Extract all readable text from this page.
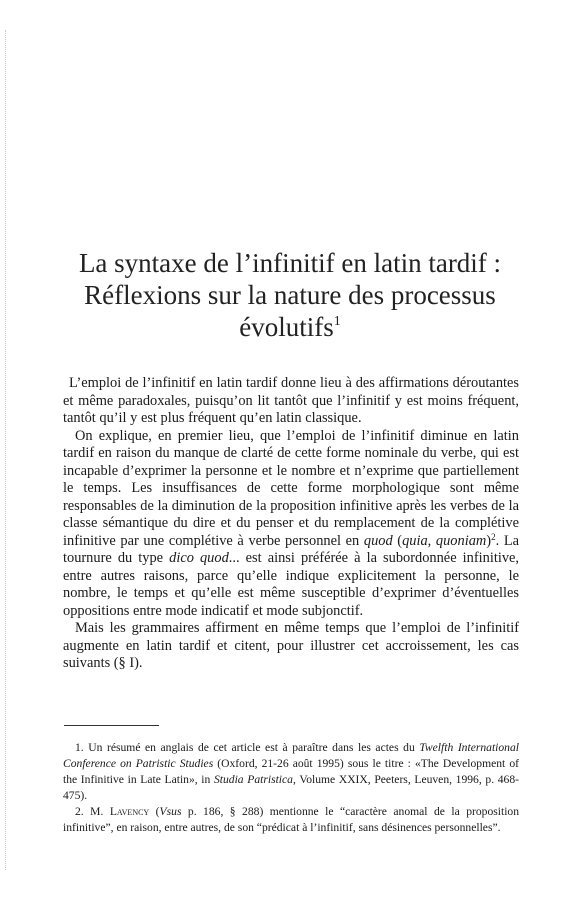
La syntaxe de l’infinitif en latin tardif :
Réflexions sur la nature des processus
évolutifs$^1$

L’emploi de l’infinitif en latin tardif donne lieu à des affirmations déroutantes et même paradoxales, puisqu’on lit tantôt que l’infinitif y est moins fréquent, tantôt qu’il y est plus fréquent qu’en latin classique.

On explique, en premier lieu, que l’emploi de l’infinitif diminue en latin tardif en raison du manque de clarté de cette forme nominale du verbe, qui est incapable d’exprimer la personne et le nombre et n’exprime que partiellement le temps. Les insuffisances de cette forme morphologique sont même responsables de la diminution de la proposition infinitive après les verbes de la classe sémantique du dire et du penser et du remplacement de la complétive infinitive par une complétive à verbe personnel en quod (quia, quoniam)$^2$. La tournure du type dico quod... est ainsi préférée à la subordonnée infinitive, entre autres raisons, parce qu’elle indique explicitement la personne, le nombre, le temps et qu’elle est même susceptible d’exprimer d’éventuelles oppositions entre mode indicatif et mode subjonctif.

Mais les grammaires affirment en même temps que l’emploi de l’infinitif augmente en latin tardif et citent, pour illustrer cet accroissement, les cas suivants (§ I).

1. Un résumé en anglais de cet article est à paraître dans les actes du Twelfth International Conference on Patristic Studies (Oxford, 21-26 août 1995) sous le titre : «The Development of the Infinitive in Late Latin», in Studia Patristica, Volume XXIX, Peeters, Leuven, 1996, p. 468-475).

2. M. Lavency (Vsus p. 186, § 288) mentionne le “caractère anomal de la proposition infinitive”, en raison, entre autres, de son “prédicat à l’infinitif, sans désinences personnelles”.
